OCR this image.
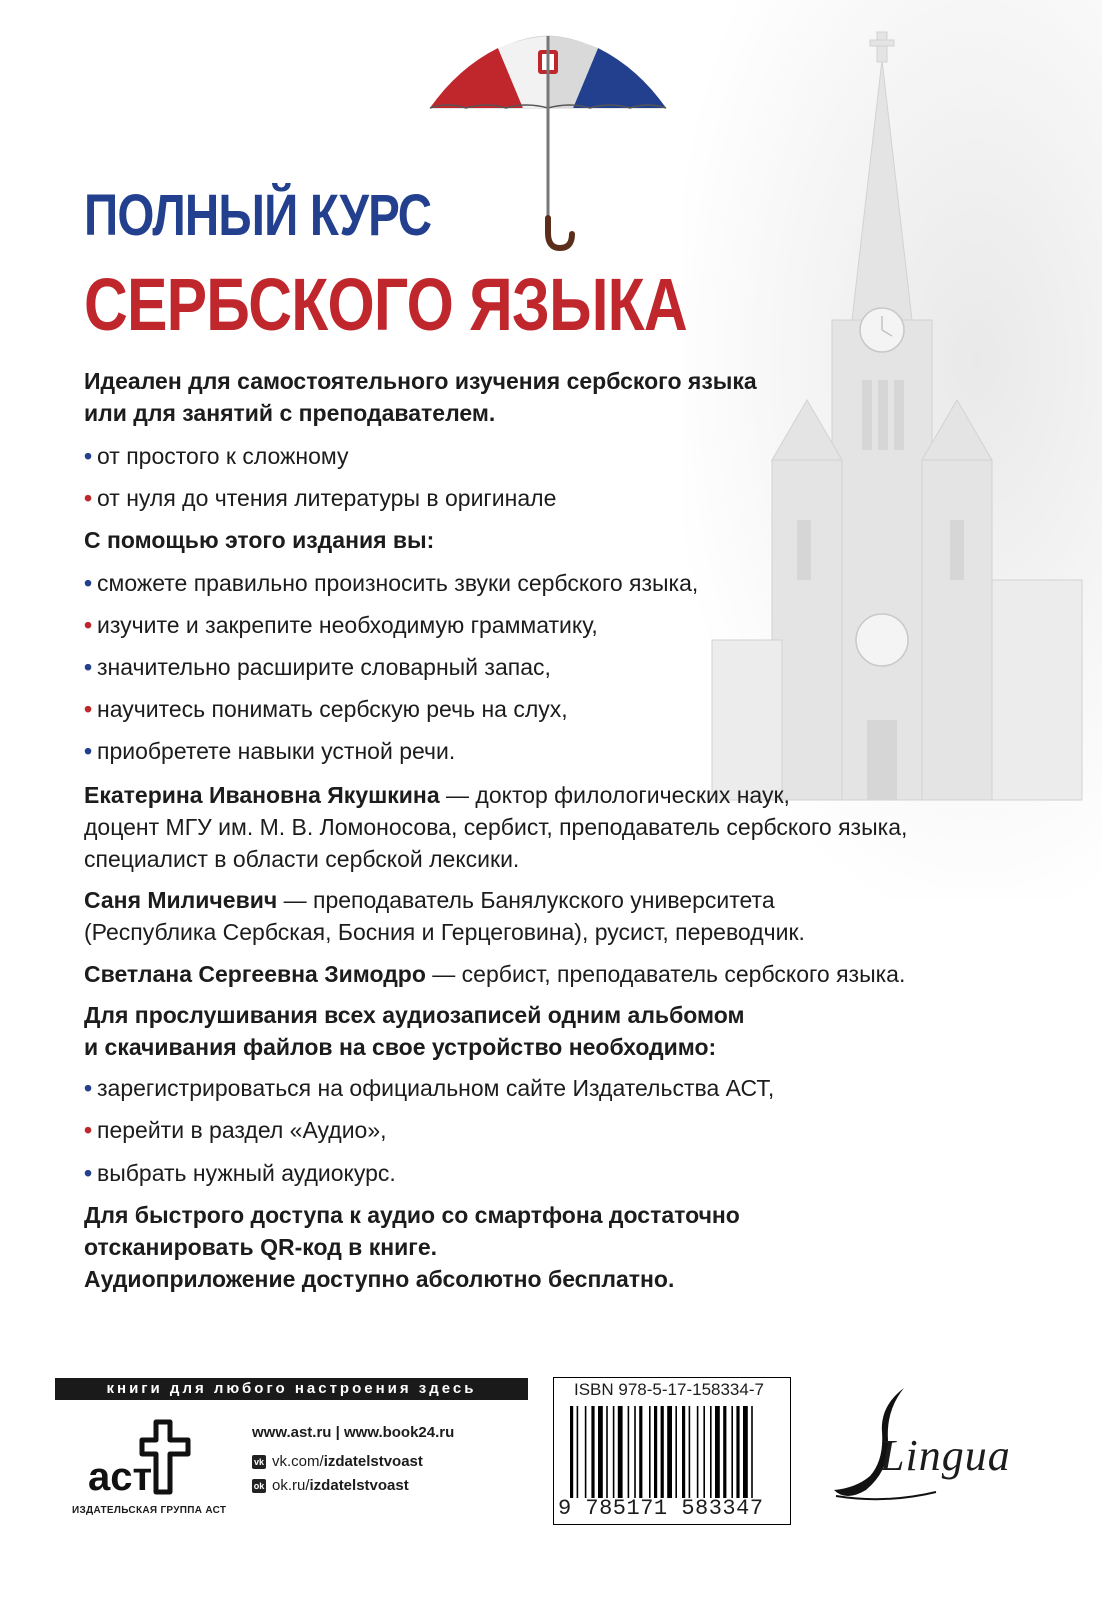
ПОЛНЫЙ КУРС
СЕРБСКОГО ЯЗЫКА
Идеален для самостоятельного изучения сербского языка
или для занятий с преподавателем.
• от простого к сложному
• от нуля до чтения литературы в оригинале
С помощью этого издания вы:
• сможете правильно произносить звуки сербского языка,
• изучите и закрепите необходимую грамматику,
• значительно расширите словарный запас,
• научитесь понимать сербскую речь на слух,
• приобретете навыки устной речи.
Екатерина Ивановна Якушкина — доктор филологических наук,
доцент МГУ им. М. В. Ломоносова, сербист, преподаватель сербского языка,
специалист в области сербской лексики.
Саня Миличевич — преподаватель Банялукского университета
(Республика Сербская, Босния и Герцеговина), русист, переводчик.
Светлана Сергеевна Зимодро — сербист, преподаватель сербского языка.
Для прослушивания всех аудиозаписей одним альбомом
и скачивания файлов на свое устройство необходимо:
• зарегистрироваться на официальном сайте Издательства АСТ,
• перейти в раздел «Аудио»,
• выбрать нужный аудиокурс.
Для быстрого доступа к аудио со смартфона достаточно
отсканировать QR-код в книге.
Аудиоприложение доступно абсолютно бесплатно.
книги для любого настроения здесь
аст
ИЗДАТЕЛЬСКАЯ ГРУППА АСТ
www.ast.ru | www.book24.ru
vk vk.com/ izdatelstvoast
ok ok.ru/ izdatelstvoast
ISBN 978-5-17-158334-7
9 785171 583347
Lingua
